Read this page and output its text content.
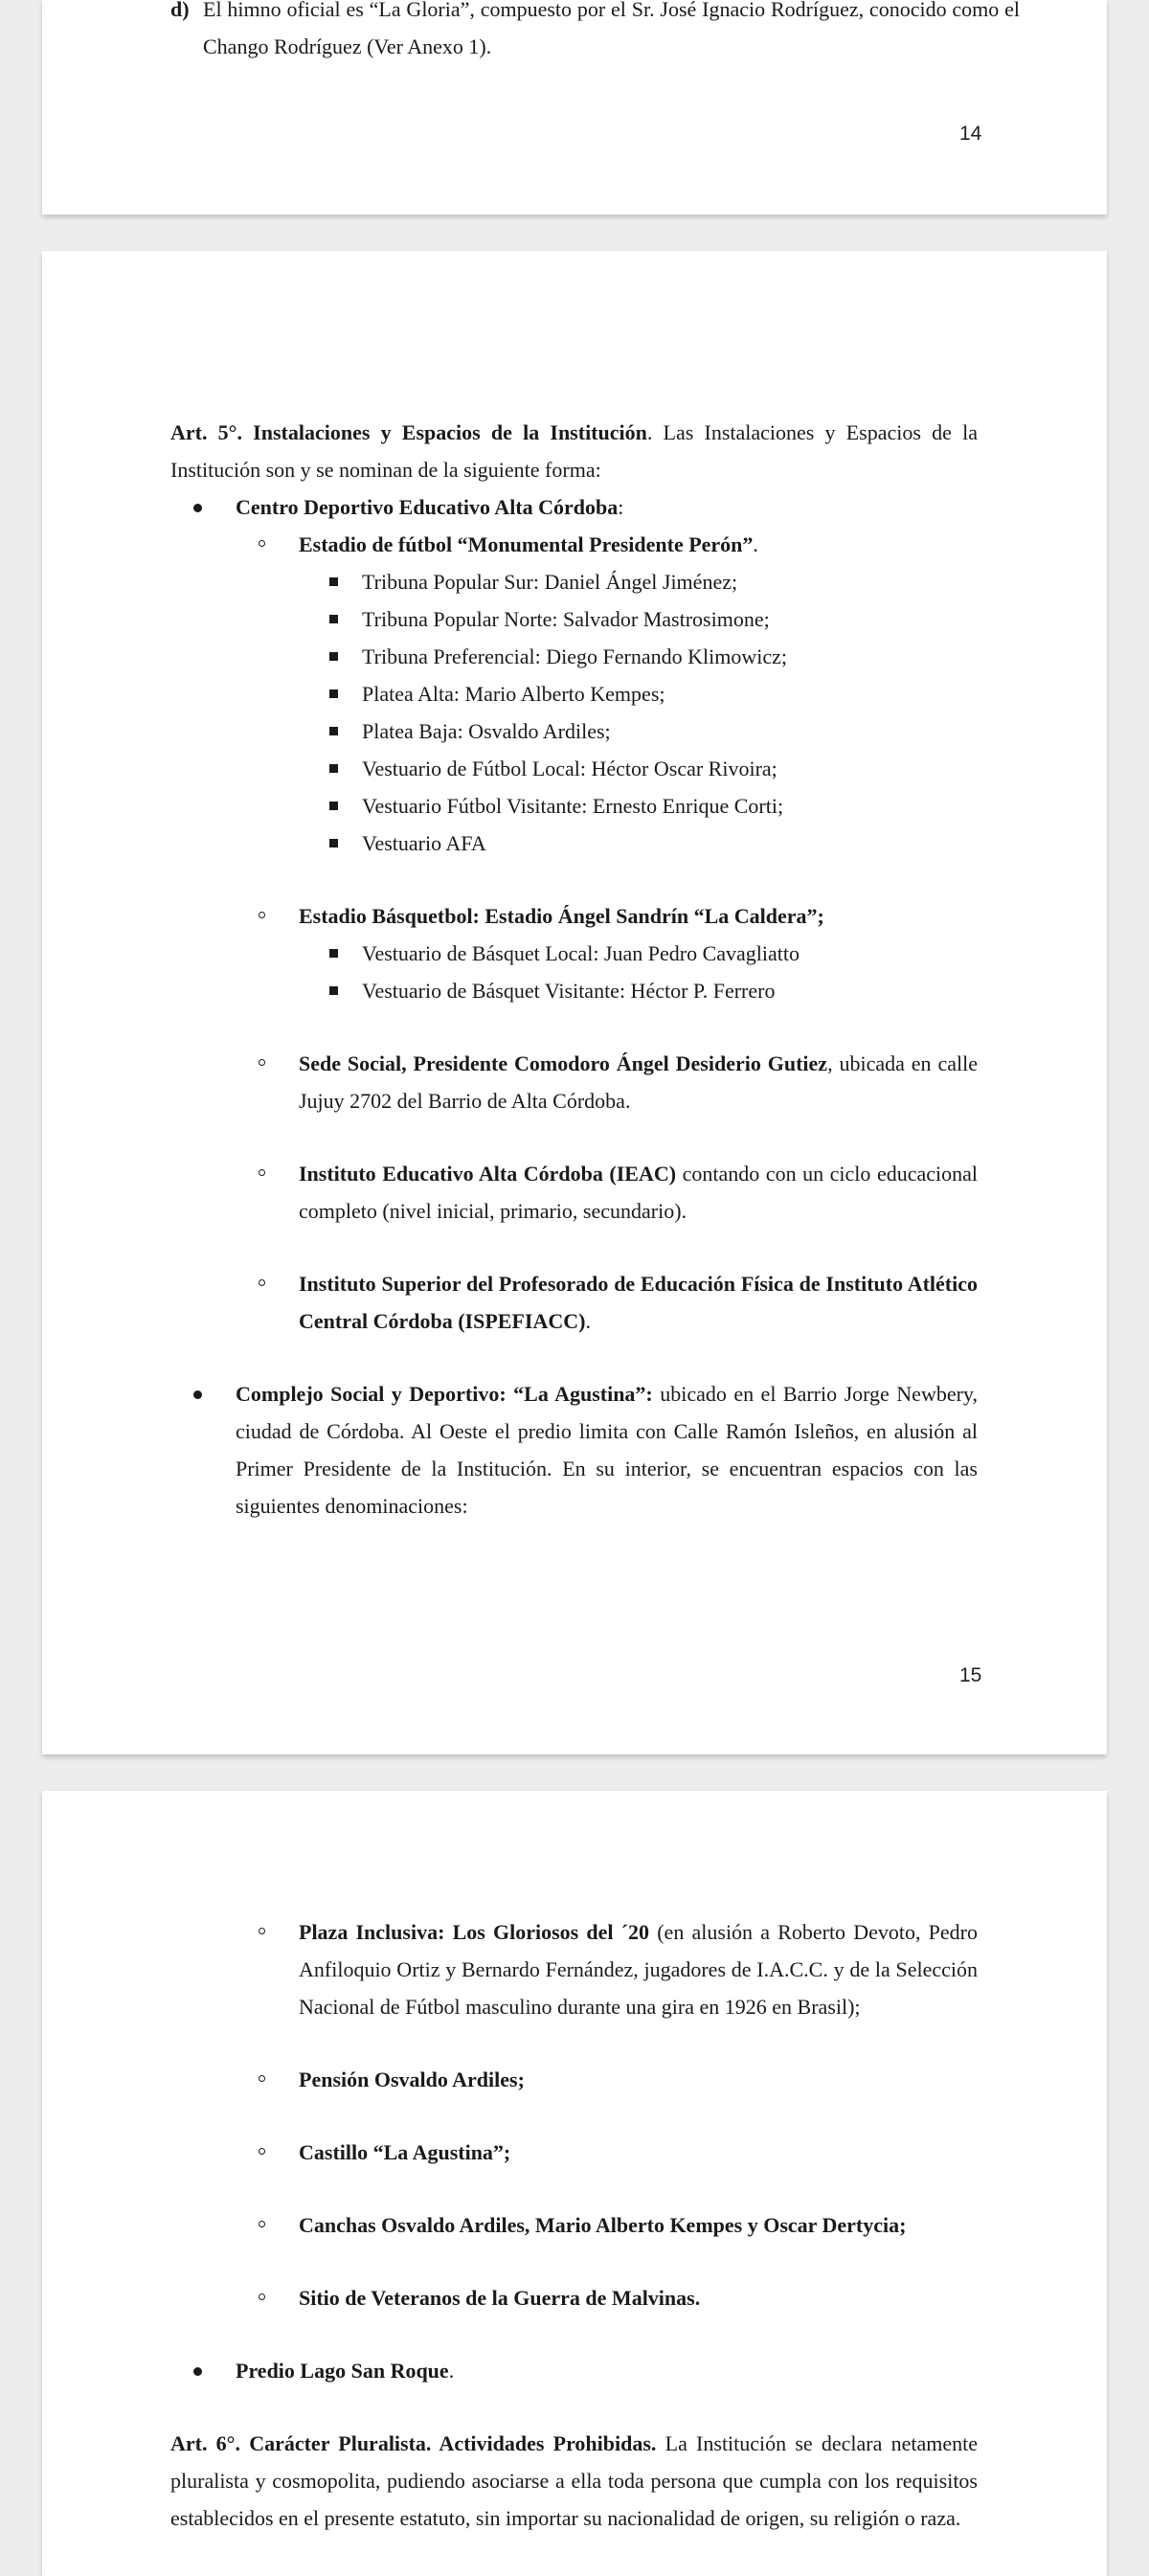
d) El himno oficial es “La Gloria”, compuesto por el Sr. José Ignacio Rodríguez, conocido como el Chango Rodríguez (Ver Anexo 1).
14

Art. 5°. Instalaciones y Espacios de la Institución. Las Instalaciones y Espacios de la Institución son y se nominan de la siguiente forma:

Centro Deportivo Educativo Alta Córdoba:
Estadio de fútbol “Monumental Presidente Perón”.
Tribuna Popular Sur: Daniel Ángel Jiménez;
Tribuna Popular Norte: Salvador Mastrosimone;
Tribuna Preferencial: Diego Fernando Klimowicz;
Platea Alta: Mario Alberto Kempes;
Platea Baja: Osvaldo Ardiles;
Vestuario de Fútbol Local: Héctor Oscar Rivoira;
Vestuario Fútbol Visitante: Ernesto Enrique Corti;
Vestuario AFA
Estadio Básquetbol: Estadio Ángel Sandrín “La Caldera”;
Vestuario de Básquet Local: Juan Pedro Cavagliatto
Vestuario de Básquet Visitante: Héctor P. Ferrero
Sede Social, Presidente Comodoro Ángel Desiderio Gutiez, ubicada en calle Jujuy 2702 del Barrio de Alta Córdoba.
Instituto Educativo Alta Córdoba (IEAC) contando con un ciclo educacional completo (nivel inicial, primario, secundario).
Instituto Superior del Profesorado de Educación Física de Instituto Atlético Central Córdoba (ISPEFIACC).
Complejo Social y Deportivo: “La Agustina”: ubicado en el Barrio Jorge Newbery, ciudad de Córdoba. Al Oeste el predio limita con Calle Ramón Isleños, en alusión al Primer Presidente de la Institución. En su interior, se encuentran espacios con las siguientes denominaciones:
15
Plaza Inclusiva: Los Gloriosos del ´20 (en alusión a Roberto Devoto, Pedro Anfiloquio Ortiz y Bernardo Fernández, jugadores de I.A.C.C. y de la Selección Nacional de Fútbol masculino durante una gira en 1926 en Brasil);
Pensión Osvaldo Ardiles;
Castillo “La Agustina”;
Canchas Osvaldo Ardiles, Mario Alberto Kempes y Oscar Dertycia;
Sitio de Veteranos de la Guerra de Malvinas.
Predio Lago San Roque.

Art. 6°. Carácter Pluralista. Actividades Prohibidas. La Institución se declara netamente pluralista y cosmopolita, pudiendo asociarse a ella toda persona que cumpla con los requisitos establecidos en el presente estatuto, sin importar su nacionalidad de origen, su religión o raza.
